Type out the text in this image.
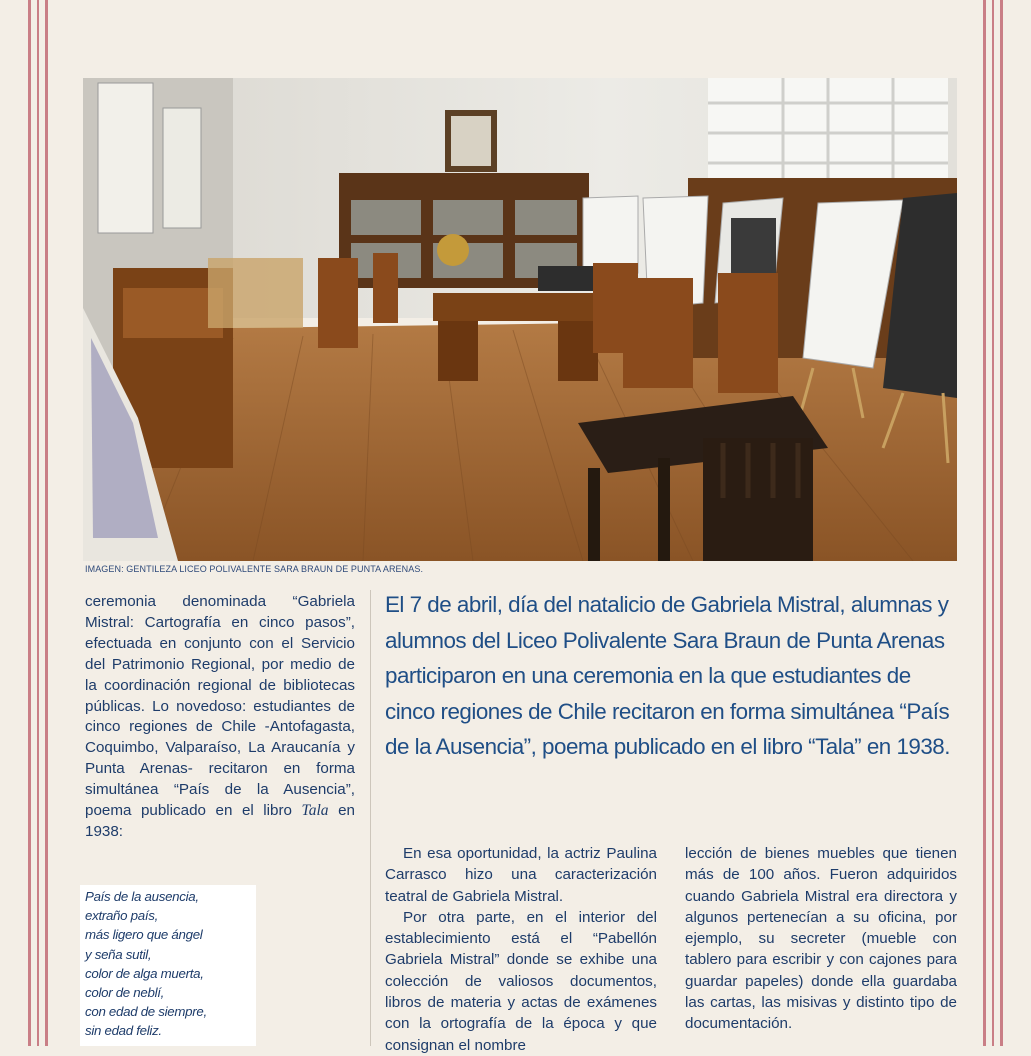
IMAGEN: GENTILEZA LICEO POLIVALENTE SARA BRAUN DE PUNTA ARENAS.

ceremonia denominada “Gabriela Mistral: Cartografía en cinco pasos”, efectuada en conjunto con el Servicio del Patrimonio Regional, por medio de la coordinación regional de bibliotecas públicas. Lo novedoso: estudiantes de cinco regiones de Chile -Antofagasta, Coquimbo, Valparaíso, La Araucanía y Punta Arenas- recitaron en forma simultánea “País de la Ausencia”, poema publicado en el libro Tala en 1938:

País de la ausencia,
extraño país,
más ligero que ángel
y seña sutil,
color de alga muerta,
color de neblí,
con edad de siempre,
sin edad feliz.

El 7 de abril, día del natalicio de Gabriela Mistral, alumnas y alumnos del Liceo Polivalente Sara Braun de Punta Arenas participaron en una ceremonia en la que estudiantes de cinco regiones de Chile recitaron en forma simultánea “País de la Ausencia”, poema publicado en el libro “Tala” en 1938.

En esa oportunidad, la actriz Paulina Carrasco hizo una caracterización teatral de Gabriela Mistral.

Por otra parte, en el interior del establecimiento está el “Pabellón Gabriela Mistral” donde se exhibe una colección de valiosos documentos, libros de materia y actas de exámenes con la ortografía de la época y que consignan el nombre

lección de bienes muebles que tienen más de 100 años. Fueron adquiridos cuando Gabriela Mistral era directora y algunos pertenecían a su oficina, por ejemplo, su secreter (mueble con tablero para escribir y con cajones para guardar papeles) donde ella guardaba las cartas, las misivas y distinto tipo de documentación.
